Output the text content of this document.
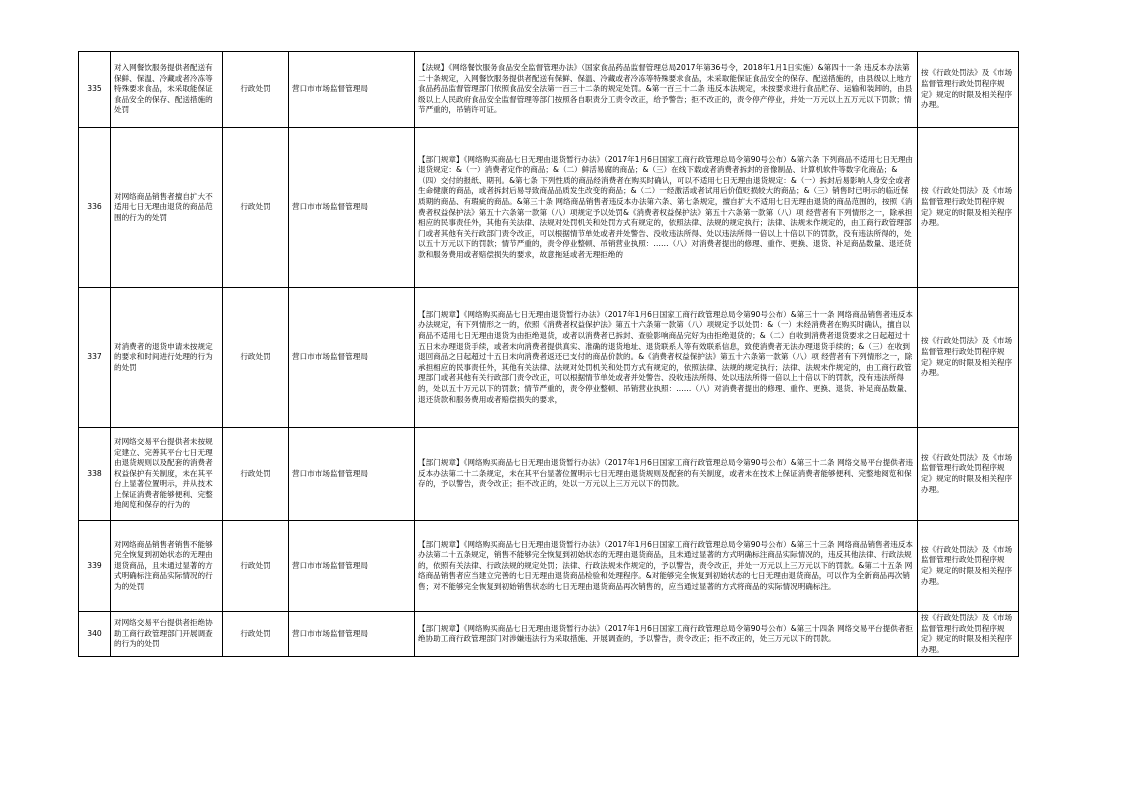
335	对入网餐饮服务提供者配送有保鲜、保温、冷藏或者冷冻等特殊要求食品，未采取能保证食品安全的保存、配送措施的处罚	行政处罚	营口市市场监督管理局	【法规】《网络餐饮服务食品安全监督管理办法》（国家食品药品监督管理总局2017年第36号令，2018年1月1日实施）&第四十一条 违反本办法第二十条规定，入网餐饮服务提供者配送有保鲜、保温、冷藏或者冷冻等特殊要求食品，未采取能保证食品安全的保存、配送措施的，由县级以上地方食品药品监督管理部门依照食品安全法第一百三十二条的规定处罚。&第一百三十二条 违反本法规定，未按要求进行食品贮存、运输和装卸的，由县级以上人民政府食品安全监督管理等部门按照各自职责分工责令改正，给予警告；拒不改正的，责令停产停业，并处一万元以上五万元以下罚款；情节严重的，吊销许可证。	按《行政处罚法》及《市场监督管理行政处罚程序规定》规定的时限及相关程序办理。
336	对网络商品销售者擅自扩大不适用七日无理由退货的商品范围的行为的处罚	行政处罚	营口市市场监督管理局	【部门规章】《网络购买商品七日无理由退货暂行办法》（2017年1月6日国家工商行政管理总局令第90号公布）&第六条 下列商品不适用七日无理由退货规定：&（一）消费者定作的商品；&（二）鲜活易腐的商品；&（三）在线下载或者消费者拆封的音像制品、计算机软件等数字化商品；&（四）交付的报纸、期刊。&第七条 下列性质的商品经消费者在购买时确认，可以不适用七日无理由退货规定：&（一）拆封后易影响人身安全或者生命健康的商品，或者拆封后易导致商品品质发生改变的商品；&（二）一经激活或者试用后价值贬损较大的商品；&（三）销售时已明示的临近保质期的商品、有瑕疵的商品。&第三十条 网络商品销售者违反本办法第六条、第七条规定，擅自扩大不适用七日无理由退货的商品范围的，按照《消费者权益保护法》第五十六条第一款第（八）项规定予以处罚&《消费者权益保护法》第五十六条第一款第（八）项 经营者有下列情形之一，除承担相应的民事责任外，其他有关法律、法规对处罚机关和处罚方式有规定的，依照法律、法规的规定执行；法律、法规未作规定的，由工商行政管理部门或者其他有关行政部门责令改正，可以根据情节单处或者并处警告、没收违法所得、处以违法所得一倍以上十倍以下的罚款，没有违法所得的，处以五十万元以下的罚款；情节严重的，责令停业整顿、吊销营业执照：……（八）对消费者提出的修理、重作、更换、退货、补足商品数量、退还货款和服务费用或者赔偿损失的要求，故意拖延或者无理拒绝的	按《行政处罚法》及《市场监督管理行政处罚程序规定》规定的时限及相关程序办理。
337	对消费者的退货申请未按规定的要求和时间进行处理的行为的处罚	行政处罚	营口市市场监督管理局	【部门规章】《网络购买商品七日无理由退货暂行办法》（2017年1月6日国家工商行政管理总局令第90号公布）&第三十一条 网络商品销售者违反本办法规定，有下列情形之一的，依照《消费者权益保护法》第五十六条第一款第（八）项规定予以处罚：&（一）未经消费者在购买时确认，擅自以商品不适用七日无理由退货为由拒绝退货，或者以消费者已拆封、查验影响商品完好为由拒绝退货的；&（二）自收到消费者退货要求之日起超过十五日未办理退货手续，或者未向消费者提供真实、准确的退货地址、退货联系人等有效联系信息，致使消费者无法办理退货手续的；&（三）在收到退回商品之日起超过十五日未向消费者返还已支付的商品价款的。&《消费者权益保护法》第五十六条第一款第（八）项 经营者有下列情形之一，除承担相应的民事责任外，其他有关法律、法规对处罚机关和处罚方式有规定的，依照法律、法规的规定执行；法律、法规未作规定的，由工商行政管理部门或者其他有关行政部门责令改正，可以根据情节单处或者并处警告、没收违法所得、处以违法所得一倍以上十倍以下的罚款，没有违法所得的，处以五十万元以下的罚款；情节严重的，责令停业整顿、吊销营业执照：……（八）对消费者提出的修理、重作、更换、退货、补足商品数量、退还货款和服务费用或者赔偿损失的要求，	按《行政处罚法》及《市场监督管理行政处罚程序规定》规定的时限及相关程序办理。
338	对网络交易平台提供者未按规定建立、完善其平台七日无理由退货规则以及配套的消费者权益保护有关制度，未在其平台上显著位置明示，并从技术上保证消费者能够便利、完整地阅览和保存的行为的	行政处罚	营口市市场监督管理局	【部门规章】《网络购买商品七日无理由退货暂行办法》（2017年1月6日国家工商行政管理总局令第90号公布）&第三十二条 网络交易平台提供者违反本办法第二十二条规定，未在其平台显著位置明示七日无理由退货规则及配套的有关制度，或者未在技术上保证消费者能够便利、完整地阅览和保存的，予以警告，责令改正；拒不改正的，处以一万元以上三万元以下的罚款。	按《行政处罚法》及《市场监督管理行政处罚程序规定》规定的时限及相关程序办理。
339	对网络商品销售者销售不能够完全恢复到初始状态的无理由退货商品，且未通过显著的方式明确标注商品实际情况的行为的处罚	行政处罚	营口市市场监督管理局	【部门规章】《网络购买商品七日无理由退货暂行办法》（2017年1月6日国家工商行政管理总局令第90号公布）&第三十三条 网络商品销售者违反本办法第二十五条规定，销售不能够完全恢复到初始状态的无理由退货商品，且未通过显著的方式明确标注商品实际情况的，违反其他法律、行政法规的，依照有关法律、行政法规的规定处罚；法律、行政法规未作规定的，予以警告，责令改正，并处一万元以上三万元以下的罚款。&第二十五条 网络商品销售者应当建立完善的七日无理由退货商品检验和处理程序。&对能够完全恢复到初始状态的七日无理由退货商品，可以作为全新商品再次销售；对不能够完全恢复到初始销售状态的七日无理由退货商品再次销售的，应当通过显著的方式将商品的实际情况明确标注。	按《行政处罚法》及《市场监督管理行政处罚程序规定》规定的时限及相关程序办理。
340	对网络交易平台提供者拒绝协助工商行政管理部门开展调查的行为的处罚	行政处罚	营口市市场监督管理局	【部门规章】《网络购买商品七日无理由退货暂行办法》（2017年1月6日国家工商行政管理总局令第90号公布）&第三十四条 网络交易平台提供者拒绝协助工商行政管理部门对涉嫌违法行为采取措施、开展调查的，予以警告，责令改正；拒不改正的，处三万元以下的罚款。	按《行政处罚法》及《市场监督管理行政处罚程序规定》规定的时限及相关程序办理。
